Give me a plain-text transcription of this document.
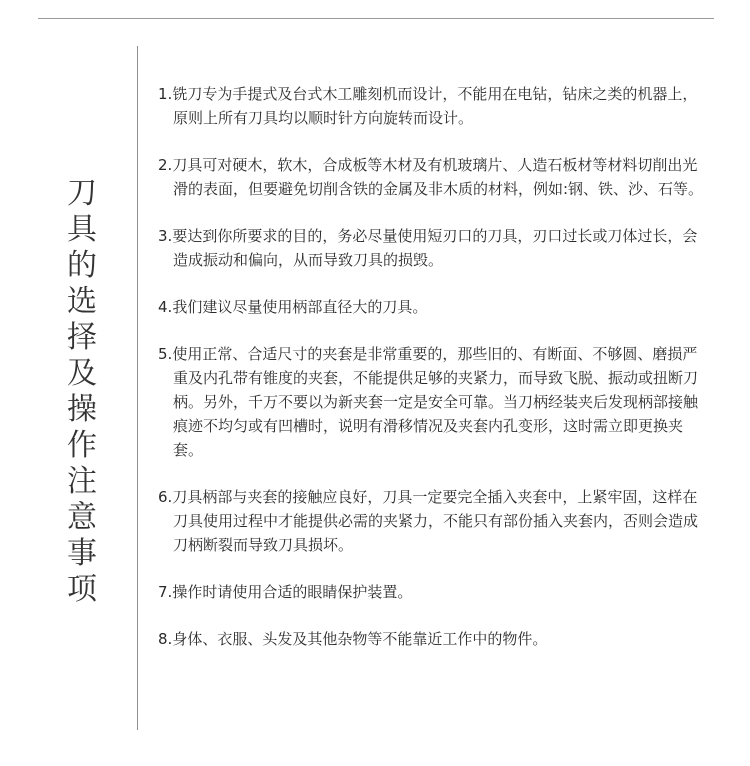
刀
具
的
选
择
及
操
作
注
意
事
项
1.铣刀专为手提式及台式木工雕刻机而设计，不能用在电钻，钻床之类的机器上，原则上所有刀具均以顺时针方向旋转而设计。
2.刀具可对硬木，软木，合成板等木材及有机玻璃片、人造石板材等材料切削出光滑的表面，但要避免切削含铁的金属及非木质的材料，例如:钢、铁、沙、石等。
3.要达到你所要求的目的，务必尽量使用短刃口的刀具，刃口过长或刀体过长，会造成振动和偏向，从而导致刀具的损毁。
4.我们建议尽量使用柄部直径大的刀具。
5.使用正常、合适尺寸的夹套是非常重要的，那些旧的、有断面、不够圆、磨损严重及内孔带有锥度的夹套，不能提供足够的夹紧力，而导致飞脱、振动或扭断刀柄。另外，千万不要以为新夹套一定是安全可靠。当刀柄经装夹后发现柄部接触痕迹不均匀或有凹槽时，说明有滑移情况及夹套内孔变形，这时需立即更换夹套。
6.刀具柄部与夹套的接触应良好，刀具一定要完全插入夹套中，上紧牢固，这样在刀具使用过程中才能提供必需的夹紧力，不能只有部份插入夹套内，否则会造成刀柄断裂而导致刀具损坏。
7.操作时请使用合适的眼睛保护装置。
8.身体、衣服、头发及其他杂物等不能靠近工作中的物件。
